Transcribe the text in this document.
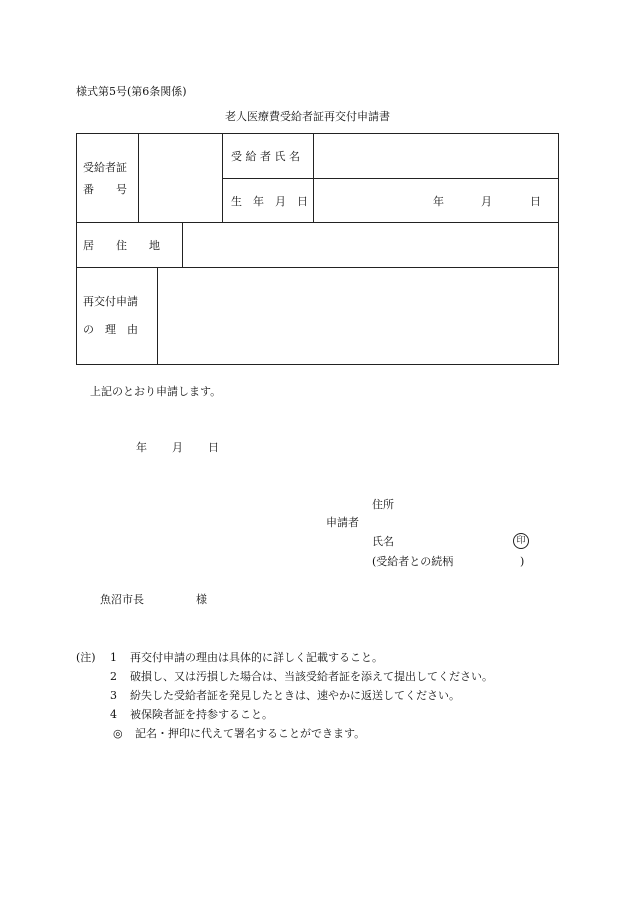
様式第5号(第6条関係)
老人医療費受給者証再交付申請書
受給者証
番　　号
受 給 者 氏 名
生　年　月　日	年	月	日
居　　住　　地
再交付申請
の　理　由
上記のとおり申請します。
年 月 日
住所
申請者
氏名	印
(受給者との続柄	)
魚沼市長	様
(注) 1 再交付申請の理由は具体的に詳しく記載すること。
2 破損し、又は汚損した場合は、当該受給者証を添えて提出してください。
3 紛失した受給者証を発見したときは、速やかに返送してください。
4 被保険者証を持参すること。
◎ 記名・押印に代えて署名することができます。
